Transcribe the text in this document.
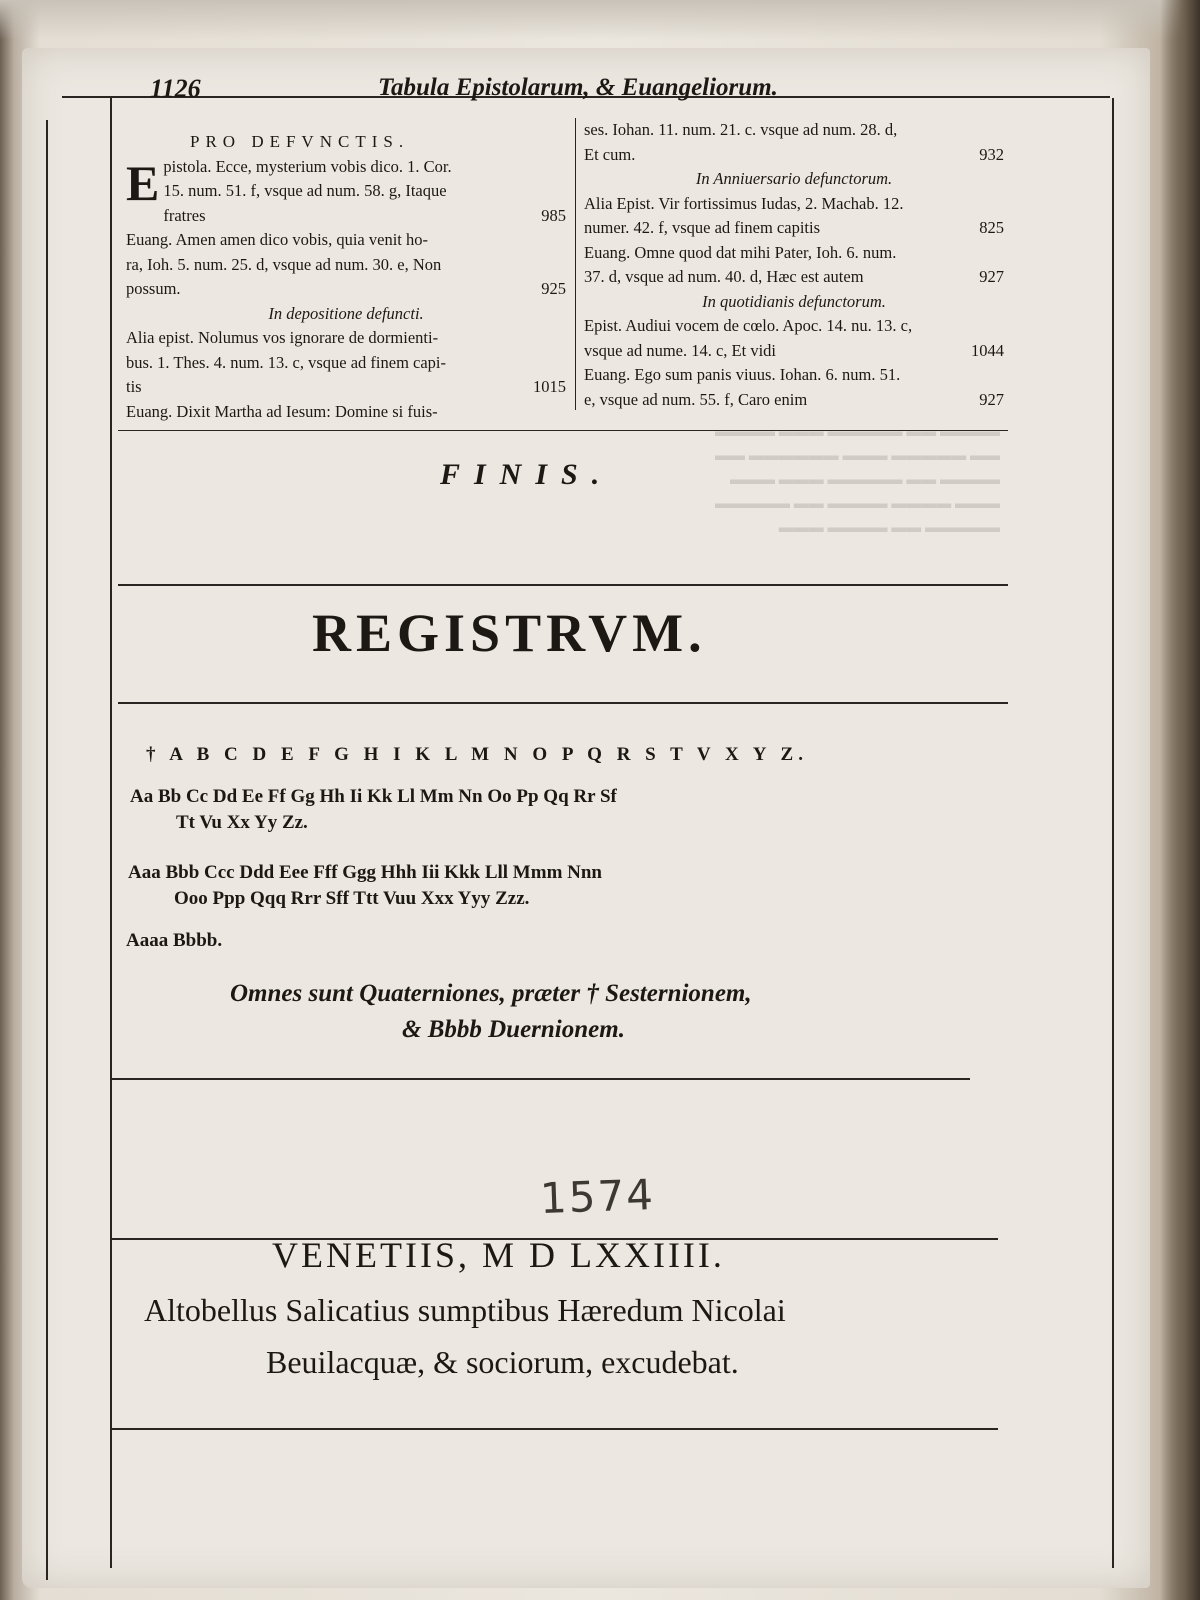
▬▬▬▬ ▬▬ ▬▬▬▬▬ ▬▬▬ ▬▬▬▬
▬▬ ▬▬▬▬▬ ▬▬▬ ▬▬▬▬▬▬ ▬▬
▬▬▬▬ ▬▬ ▬▬▬▬▬ ▬▬▬ ▬▬▬
▬▬▬ ▬▬▬▬ ▬▬▬▬ ▬▬ ▬▬▬▬▬
▬▬▬▬▬ ▬▬ ▬▬▬▬ ▬▬▬
1126	Tabula Epistolarum, & Euangeliorum.
PRO DEFVNCTIS.
E pistola. Ecce, mysterium vobis dico. 1. Cor.
15. num. 51. f, vsque ad num. 58. g, Itaque
fratres	985
Euang. Amen amen dico vobis, quia venit ho-
ra, Ioh. 5. num. 25. d, vsque ad num. 30. e, Non
possum.	925
In depositione defuncti.
Alia epist. Nolumus vos ignorare de dormienti-
bus. 1. Thes. 4. num. 13. c, vsque ad finem capi-
tis	1015
Euang. Dixit Martha ad Iesum: Domine si fuis-
ses. Iohan. 11. num. 21. c. vsque ad num. 28. d,
Et cum.	932
In Anniuersario defunctorum.
Alia Epist. Vir fortissimus Iudas, 2. Machab. 12.
numer. 42. f, vsque ad finem capitis	825
Euang. Omne quod dat mihi Pater, Ioh. 6. num.
37. d, vsque ad num. 40. d, Hæc est autem	927
In quotidianis defunctorum.
Epist. Audiui vocem de cœlo. Apoc. 14. nu. 13. c,
vsque ad nume. 14. c, Et vidi	1044
Euang. Ego sum panis viuus. Iohan. 6. num. 51.
e, vsque ad num. 55. f, Caro enim	927
FINIS.
REGISTRVM.
† A B C D E F G H I K L M N O P Q R S T V X Y Z.
Aa Bb Cc Dd Ee Ff Gg Hh Ii Kk Ll Mm Nn Oo Pp Qq Rr Sf
Tt Vu Xx Yy Zz.
Aaa Bbb Ccc Ddd Eee Fff Ggg Hhh Iii Kkk Lll Mmm Nnn
Ooo Ppp Qqq Rrr Sff Ttt Vuu Xxx Yyy Zzz.
Aaaa Bbbb.
Omnes sunt Quaterniones, præter † Sesternionem,
& Bbbb Duernionem.
1574
VENETIIS, M D LXXIIII.
Altobellus Salicatius sumptibus Hæredum Nicolai
Beuilacquæ, & sociorum, excudebat.
